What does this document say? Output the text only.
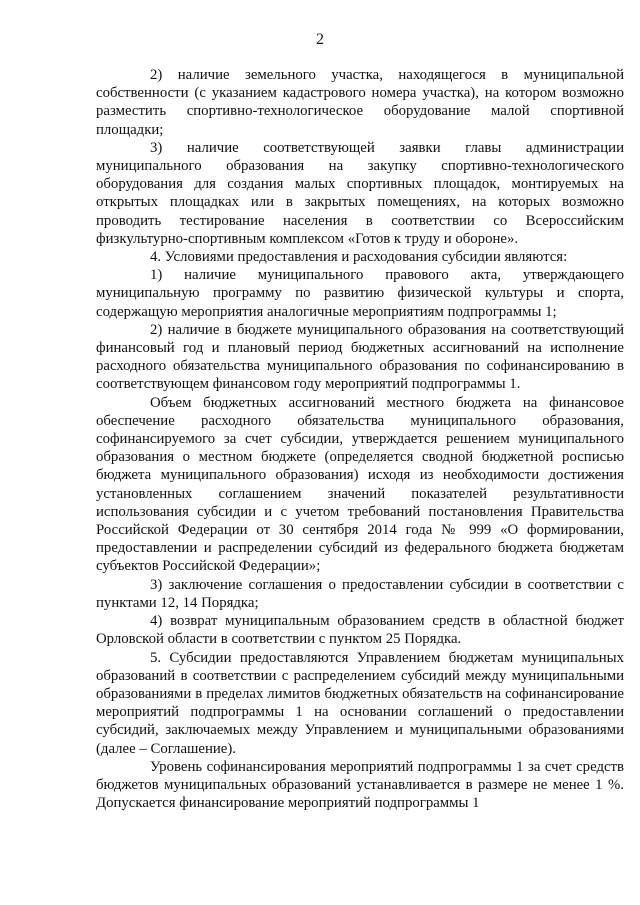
2

2) наличие земельного участка, находящегося в муниципальной собственности (с указанием кадастрового номера участка), на котором возможно разместить спортивно-технологическое оборудование малой спортивной площадки;

3) наличие соответствующей заявки главы администрации муниципального образования на закупку спортивно-технологического оборудования для создания малых спортивных площадок, монтируемых на открытых площадках или в закрытых помещениях, на которых возможно проводить тестирование населения в соответствии со Всероссийским физкультурно-спортивным комплексом «Готов к труду и обороне».

4. Условиями предоставления и расходования субсидии являются:

1) наличие муниципального правового акта, утверждающего муниципальную программу по развитию физической культуры и спорта, содержащую мероприятия аналогичные мероприятиям подпрограммы 1;

2) наличие в бюджете муниципального образования на соответствующий финансовый год и плановый период бюджетных ассигнований на исполнение расходного обязательства муниципального образования по софинансированию в соответствующем финансовом году мероприятий подпрограммы 1.

Объем бюджетных ассигнований местного бюджета на финансовое обеспечение расходного обязательства муниципального образования, софинансируемого за счет субсидии, утверждается решением муниципального образования о местном бюджете (определяется сводной бюджетной росписью бюджета муниципального образования) исходя из необходимости достижения установленных соглашением значений показателей результативности использования субсидии и с учетом требований постановления Правительства Российской Федерации от 30 сентября 2014 года № 999 «О формировании, предоставлении и распределении субсидий из федерального бюджета бюджетам субъектов Российской Федерации»;

3) заключение соглашения о предоставлении субсидии в соответствии с пунктами 12, 14 Порядка;

4) возврат муниципальным образованием средств в областной бюджет Орловской области в соответствии с пунктом 25 Порядка.

5. Субсидии предоставляются Управлением бюджетам муниципальных образований в соответствии с распределением субсидий между муниципальными образованиями в пределах лимитов бюджетных обязательств на софинансирование мероприятий подпрограммы 1 на основании соглашений о предоставлении субсидий, заключаемых между Управлением и муниципальными образованиями (далее – Соглашение).

Уровень софинансирования мероприятий подпрограммы 1 за счет средств бюджетов муниципальных образований устанавливается в размере не менее 1 %. Допускается финансирование мероприятий подпрограммы 1
